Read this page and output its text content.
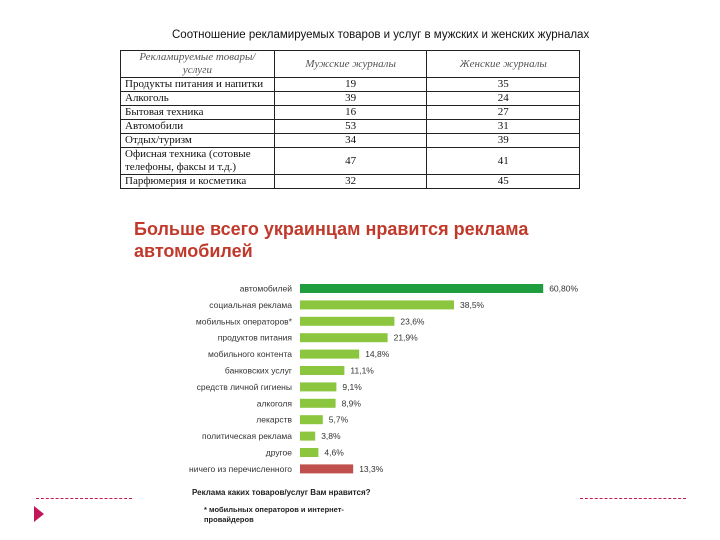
Соотношение рекламируемых товаров и услуг в мужских и женских журналах
Рекламируемые товары/услуги	Мужские журналы	Женские журналы
Продукты питания и напитки	19	35
Алкоголь	39	24
Бытовая техника	16	27
Автомобили	53	31
Отдых/туризм	34	39
Офисная техника (сотовые телефоны, факсы и т.д.)	47	41
Парфюмерия и косметика	32	45
Больше всего украинцам нравится реклама автомобилей
автомобилей	60,80%
социальная реклама	38,5%
мобильных операторов*	23,6%
продуктов питания	21,9%
мобильного контента	14,8%
банковских услуг	11,1%
средств личной гигиены	9,1%
алкоголя	8,9%
лекарств	5,7%
политическая реклама	3,8%
другое	4,6%
ничего из перечисленного	13,3%
Реклама каких товаров/услуг Вам нравится?
* мобильных операторов и интернет-провайдеров
